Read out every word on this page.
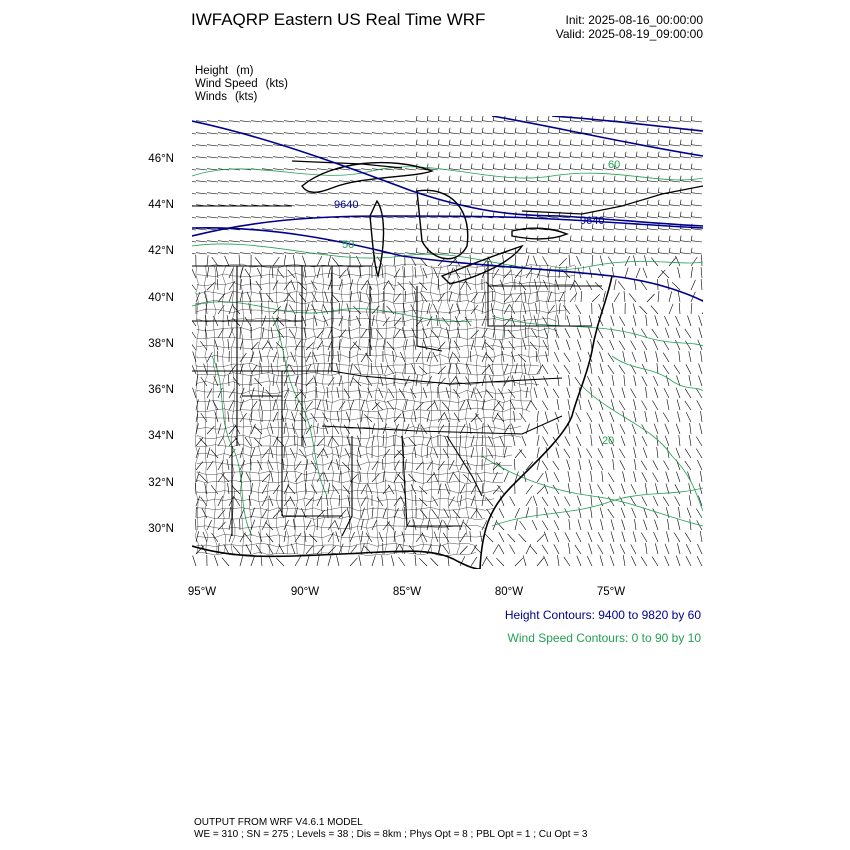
IWFAQRP Eastern US Real Time WRF	Init: 2025-08-16_00:00:00
Valid: 2025-08-19_09:00:00
Height (m)
Wind Speed (kts)
Winds (kts)
46°N
44°N
42°N
40°N
38°N
36°N
34°N
32°N
30°N
95°W	90°W	85°W	80°W	75°W
9640
9640
20
50
60
Height Contours: 9400 to 9820 by 60
Wind Speed Contours: 0 to 90 by 10
OUTPUT FROM WRF V4.6.1 MODEL
WE = 310 ; SN = 275 ; Levels = 38 ; Dis = 8km ; Phys Opt = 8 ; PBL Opt = 1 ; Cu Opt = 3
